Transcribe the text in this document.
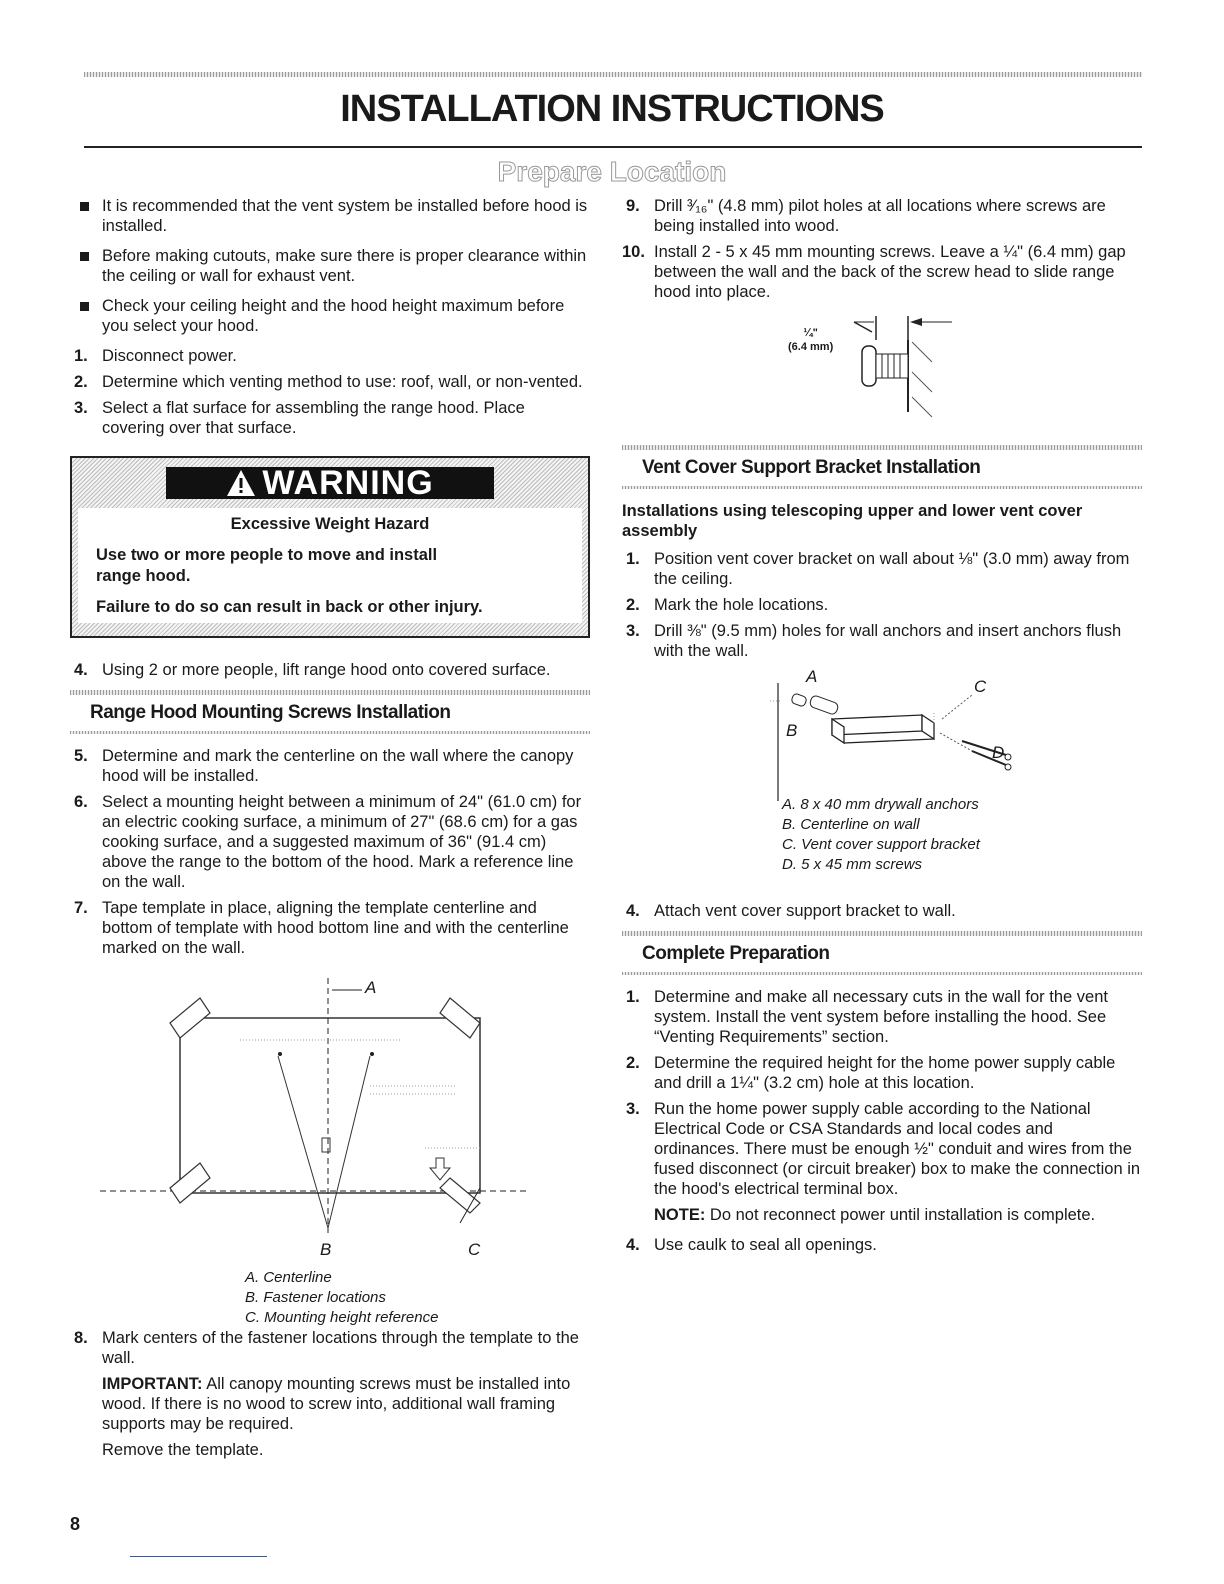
INSTALLATION INSTRUCTIONS
Prepare Location

It is recommended that the vent system be installed before hood is installed.

Before making cutouts, make sure there is proper clearance within the ceiling or wall for exhaust vent.

Check your ceiling height and the hood height maximum before you select your hood.

1. Disconnect power.

2. Determine which venting method to use: roof, wall, or non-vented.

3. Select a flat surface for assembling the range hood. Place covering over that surface.

WARNING
Excessive Weight Hazard

Use two or more people to move and install range hood.

Failure to do so can result in back or other injury.

4. Using 2 or more people, lift range hood onto covered surface.

Range Hood Mounting Screws Installation
5. Determine and mark the centerline on the wall where the canopy hood will be installed.

6. Select a mounting height between a minimum of 24" (61.0 cm) for an electric cooking surface, a minimum of 27" (68.6 cm) for a gas cooking surface, and a suggested maximum of 36" (91.4 cm) above the range to the bottom of the hood. Mark a reference line on the wall.

7. Tape template in place, aligning the template centerline and bottom of template with hood bottom line and with the centerline marked on the wall.

A
B	C
A. Centerline
B. Fastener locations
C. Mounting height reference
8. Mark centers of the fastener locations through the template to the wall.

IMPORTANT: All canopy mounting screws must be installed into wood. If there is no wood to screw into, additional wall framing supports may be required.

Remove the template.

9. Drill ³⁄₁₆" (4.8 mm) pilot holes at all locations where screws are being installed into wood.

10. Install 2 - 5 x 45 mm mounting screws. Leave a ¼" (6.4 mm) gap between the wall and the back of the screw head to slide range hood into place.

¼"
(6.4 mm)
Vent Cover Support Bracket Installation

Installations using telescoping upper and lower vent cover assembly

1. Position vent cover bracket on wall about ⅛" (3.0 mm) away from the ceiling.

2. Mark the hole locations.

3. Drill ⅜" (9.5 mm) holes for wall anchors and insert anchors flush with the wall.

A
B
C
D
A. 8 x 40 mm drywall anchors
B. Centerline on wall
C. Vent cover support bracket
D. 5 x 45 mm screws
4. Attach vent cover support bracket to wall.

Complete Preparation
1. Determine and make all necessary cuts in the wall for the vent system. Install the vent system before installing the hood. See “Venting Requirements” section.

2. Determine the required height for the home power supply cable and drill a 1¼" (3.2 cm) hole at this location.

3. Run the home power supply cable according to the National Electrical Code or CSA Standards and local codes and ordinances. There must be enough ½" conduit and wires from the fused disconnect (or circuit breaker) box to make the connection in the hood's electrical terminal box.

NOTE: Do not reconnect power until installation is complete.

4. Use caulk to seal all openings.

8
